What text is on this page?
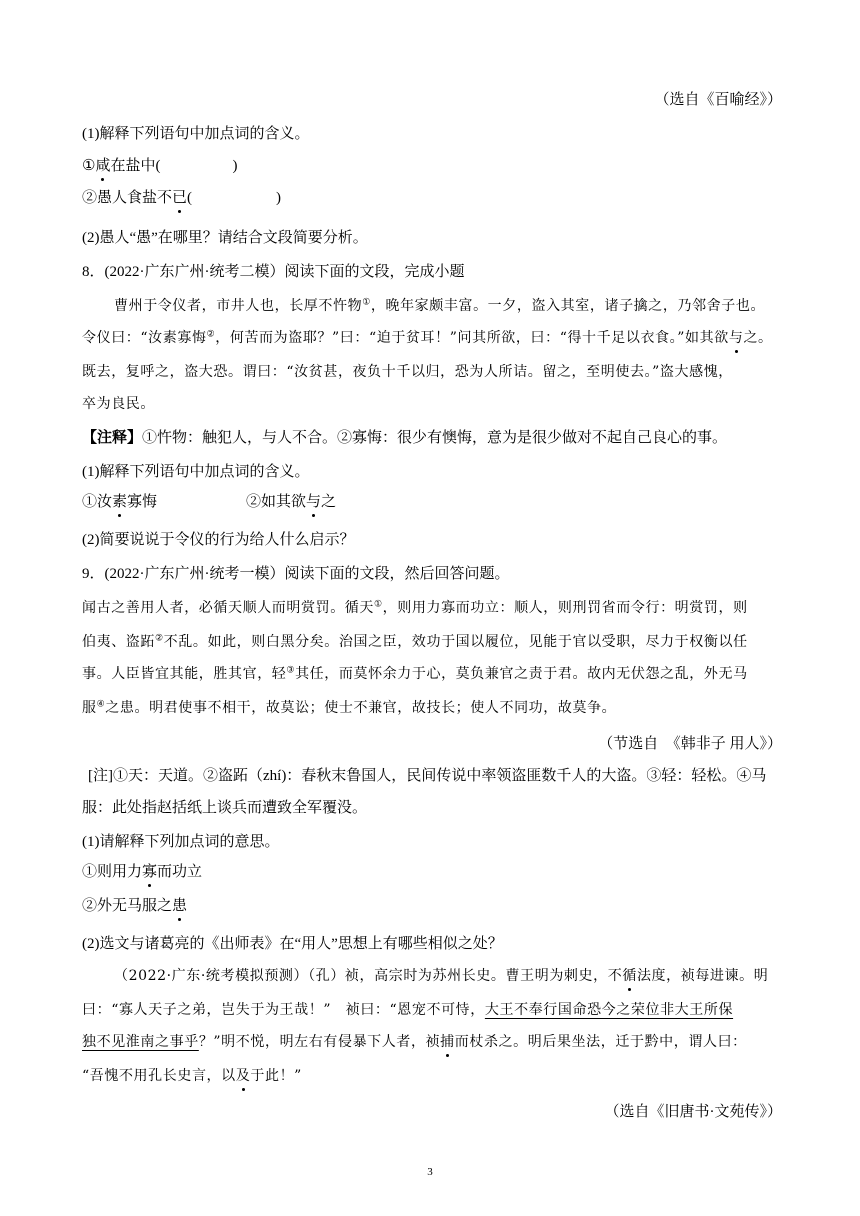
（选自《百喻经》）
(1)解释下列语句中加点词的含义。
①咸在盐中(	)
②愚人食盐不已(	)
(2)愚人“愚”在哪里？请结合文段简要分析。
8．(2022·广东广州·统考二模）阅读下面的文段，完成小题
曹州于令仪者，市井人也，长厚不忤物①，晚年家颇丰富。一夕，盗入其室，诸子擒之，乃邻舍子也。
令仪曰：“汝素寡悔②，何苦而为盗耶？”曰：“迫于贫耳！”问其所欲，曰：“得十千足以衣食。”如其欲与之。
既去，复呼之，盗大恐。谓曰：“汝贫甚，夜负十千以归，恐为人所诘。留之，至明使去。”盗大感愧，
卒为良民。
【注释】①忤物：触犯人，与人不合。②寡悔：很少有懊悔，意为是很少做对不起自己良心的事。
(1)解释下列语句中加点词的含义。
①汝素寡悔	②如其欲与之
(2)简要说说于令仪的行为给人什么启示？
9．(2022·广东广州·统考一模）阅读下面的文段，然后回答问题。
闻古之善用人者，必循天顺人而明赏罚。循天①，则用力寡而功立：顺人，则刑罚省而令行：明赏罚，则
伯夷、盗跖②不乱。如此，则白黑分矣。治国之臣，效功于国以履位，见能于官以受职，尽力于权衡以任
事。人臣皆宜其能，胜其官，轻③其任，而莫怀余力于心，莫负兼官之责于君。故内无伏怨之乱，外无马
服④之患。明君使事不相干，故莫讼；使士不兼官，故技长；使人不同功，故莫争。
（节选自　《韩非子 用人》）
[注]①天：天道。②盗跖（zhí)：春秋末鲁国人，民间传说中率领盗匪数千人的大盗。③轻：轻松。④马
服：此处指赵括纸上谈兵而遭致全军覆没。
(1)请解释下列加点词的意思。
①则用力寡而功立
②外无马服之患
(2)选文与诸葛亮的《出师表》在“用人”思想上有哪些相似之处？
（2022·广东·统考模拟预测）（孔）祯，高宗时为苏州长史。曹王明为刺史，不循法度，祯每进谏。明
曰：“寡人天子之弟，岂失于为王哉！”　祯曰：“恩宠不可恃，大王不奉行国命恐今之荣位非大王所保
独不见淮南之事乎？”明不悦，明左右有侵暴下人者，祯捕而杖杀之。明后果坐法，迁于黔中，谓人曰：
“吾愧不用孔长史言，以及于此！”
（选自《旧唐书·文苑传》）
3
